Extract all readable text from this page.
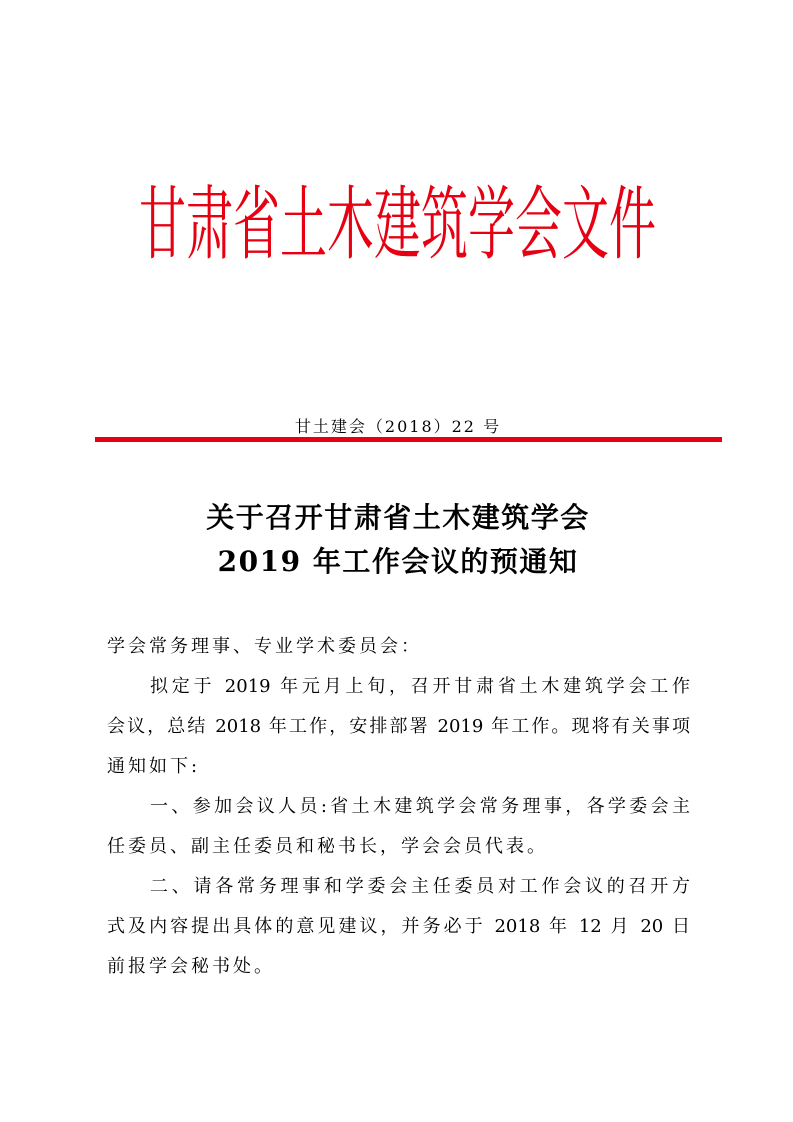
甘肃省土木建筑学会文件
甘土建会（2018）22 号
关于召开甘肃省土木建筑学会
2019 年工作会议的预通知
学会常务理事、专业学术委员会：
拟定于 2019 年元月上旬，召开甘肃省土木建筑学会工作
会议，总结 2018 年工作，安排部署 2019 年工作。现将有关事项
通知如下:
一、参加会议人员:省土木建筑学会常务理事，各学委会主
任委员、副主任委员和秘书长，学会会员代表。
二、请各常务理事和学委会主任委员对工作会议的召开方
式及内容提出具体的意见建议，并务必于 2018 年 12 月 20 日
前报学会秘书处。
